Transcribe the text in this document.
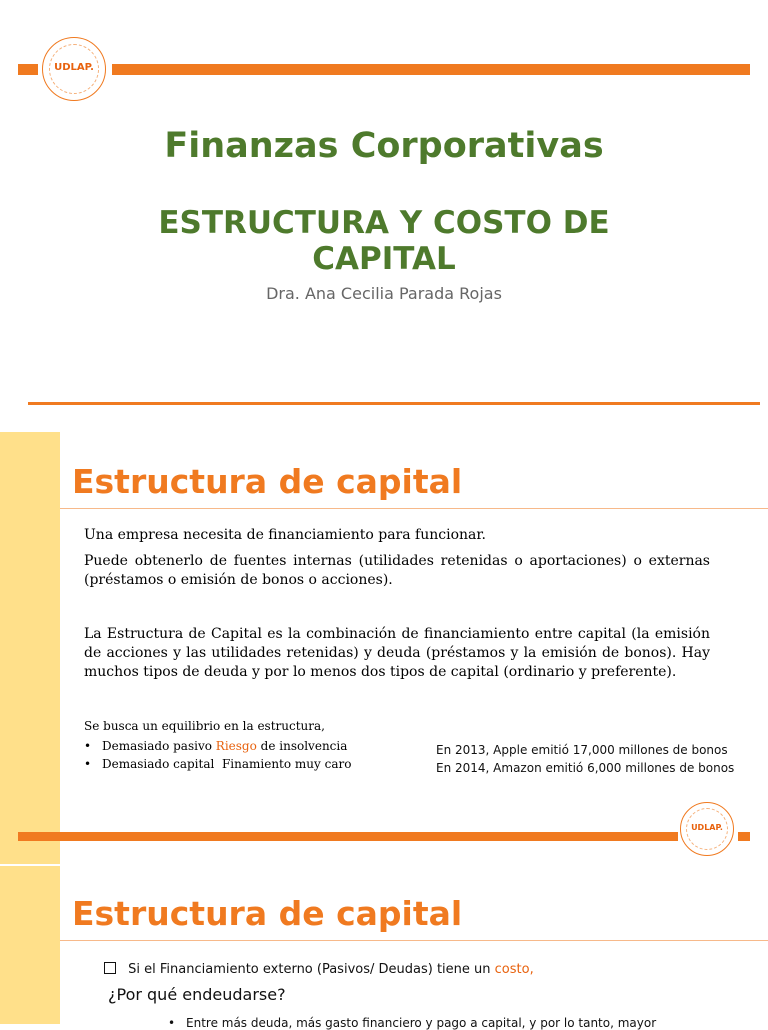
UDLAP.
Finanzas Corporativas
ESTRUCTURA Y COSTO DE
CAPITAL
Dra. Ana Cecilia Parada Rojas
Estructura de capital
Una empresa necesita de financiamiento para funcionar.
Puede obtenerlo de fuentes internas (utilidades retenidas o aportaciones) o externas (préstamos o emisión de bonos o acciones).
La Estructura de Capital es la combinación de financiamiento entre capital (la emisión de acciones y las utilidades retenidas) y deuda (préstamos y la emisión de bonos). Hay muchos tipos de deuda y por lo menos dos tipos de capital (ordinario y preferente).
Se busca un equilibrio en la estructura,
• Demasiado pasivo Riesgo de insolvencia
• Demasiado capital  Finamiento muy caro
En 2013, Apple emitió 17,000 millones de bonos
En 2014, Amazon emitió 6,000 millones de bonos
UDLAP.
Estructura de capital
Si el Financiamiento externo (Pasivos/ Deudas) tiene un costo,
¿Por qué endeudarse?
• Entre más deuda, más gasto financiero y pago a capital, y por lo tanto, mayor
